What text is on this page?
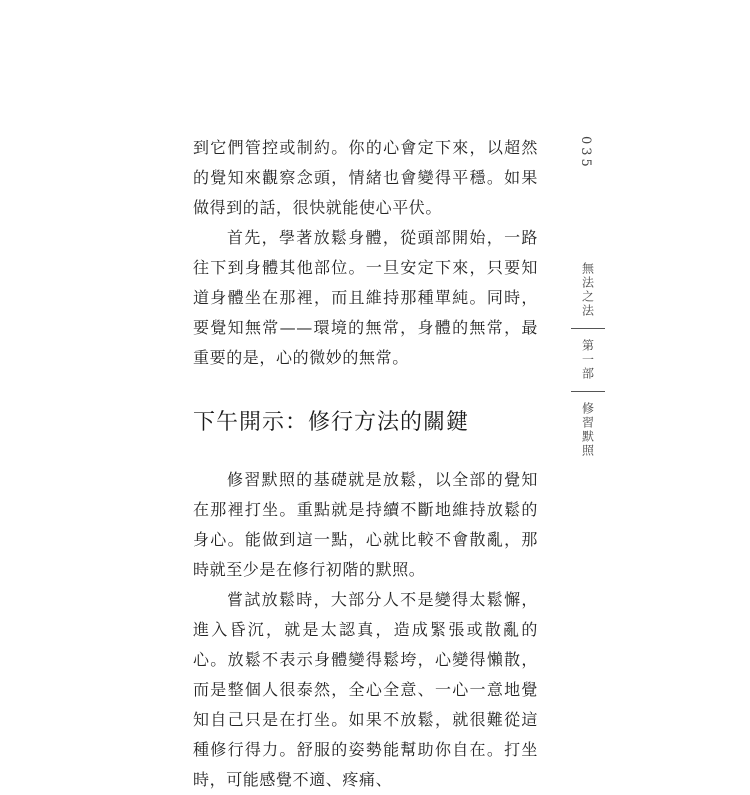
到它們管控或制約。你的心會定下來，以超然的覺知來觀察念頭，情緒也會變得平穩。如果做得到的話，很快就能使心平伏。

首先，學著放鬆身體，從頭部開始，一路往下到身體其他部位。一旦安定下來，只要知道身體坐在那裡，而且維持那種單純。同時，要覺知無常——環境的無常，身體的無常，最重要的是，心的微妙的無常。

下午開示：修行方法的關鍵

修習默照的基礎就是放鬆，以全部的覺知在那裡打坐。重點就是持續不斷地維持放鬆的身心。能做到這一點，心就比較不會散亂，那時就至少是在修行初階的默照。

嘗試放鬆時，大部分人不是變得太鬆懈，進入昏沉，就是太認真，造成緊張或散亂的心。放鬆不表示身體變得鬆垮，心變得懶散，而是整個人很泰然，全心全意、一心一意地覺知自己只是在打坐。如果不放鬆，就很難從這種修行得力。舒服的姿勢能幫助你自在。打坐時，可能感覺不適、疼痛、

035
無法之法
第一部
修習默照
